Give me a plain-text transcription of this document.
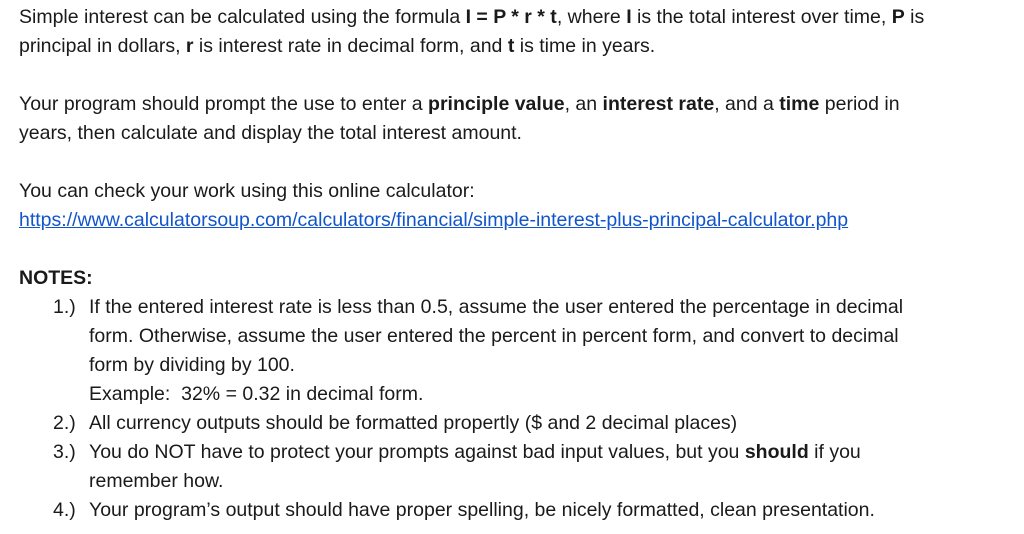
Simple interest can be calculated using the formula I = P * r * t, where I is the total interest over time, P is
principal in dollars, r is interest rate in decimal form, and t is time in years.

Your program should prompt the use to enter a principle value, an interest rate, and a time period in
years, then calculate and display the total interest amount.

You can check your work using this online calculator:
https://www.calculatorsoup.com/calculators/financial/simple-interest-plus-principal-calculator.php

NOTES:

1.) If the entered interest rate is less than 0.5, assume the user entered the percentage in decimal
form. Otherwise, assume the user entered the percent in percent form, and convert to decimal
form by dividing by 100.
Example:  32% = 0.32 in decimal form.
2.) All currency outputs should be formatted propertly ($ and 2 decimal places)
3.) You do NOT have to protect your prompts against bad input values, but you should if you
remember how.
4.) Your program’s output should have proper spelling, be nicely formatted, clean presentation.
